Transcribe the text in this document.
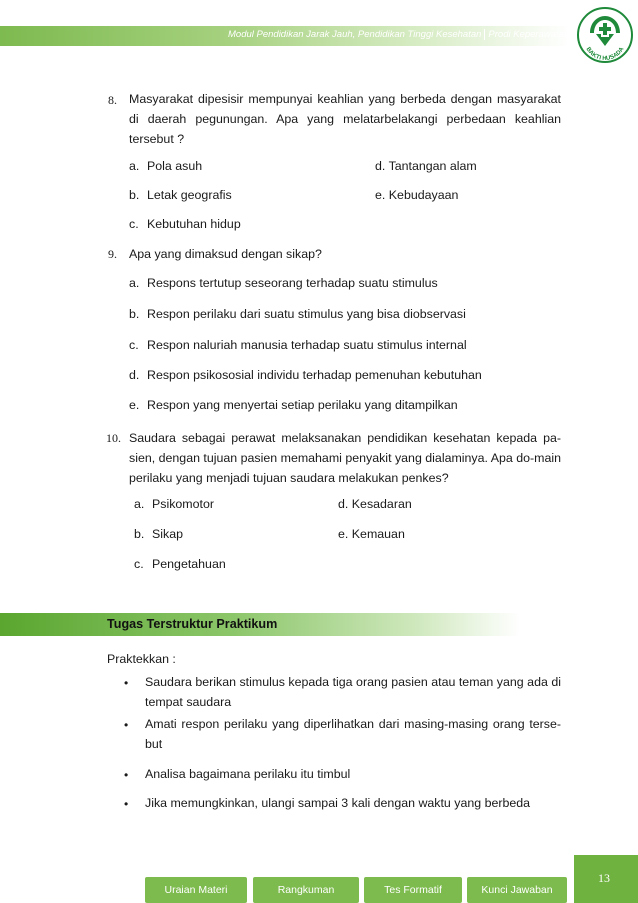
Modul Pendidikan Jarak Jauh, Pendidikan Tinggi Kesehatan Prodi Keperawatan
BAKTI HUSADA
8. Masyarakat dipesisir mempunyai keahlian yang berbeda dengan masyarakat di daerah pegunungan. Apa yang melatarbelakangi perbedaan keahlian tersebut ?
a. Pola asuh
b. Letak geografis
c. Kebutuhan hidup
d. Tantangan alam
e. Kebudayaan
9. Apa yang dimaksud dengan sikap?
a. Respons tertutup seseorang terhadap suatu stimulus
b. Respon perilaku dari suatu stimulus yang bisa diobservasi
c. Respon naluriah manusia terhadap suatu stimulus internal
d. Respon psikososial individu terhadap pemenuhan kebutuhan
e. Respon yang menyertai setiap perilaku yang ditampilkan
10. Saudara sebagai perawat melaksanakan pendidikan kesehatan kepada pa-sien, dengan tujuan pasien memahami penyakit yang dialaminya. Apa do-main perilaku yang menjadi tujuan saudara melakukan penkes?
a. Psikomotor
b. Sikap
c. Pengetahuan
d. Kesadaran
e. Kemauan
Tugas Terstruktur Praktikum
Praktekkan :
• Saudara berikan stimulus kepada tiga orang pasien atau teman yang ada di tempat saudara
• Amati respon perilaku yang diperlihatkan dari masing-masing orang terse-but
• Analisa bagaimana perilaku itu timbul
• Jika memungkinkan, ulangi sampai 3 kali dengan waktu yang berbeda
13
Uraian Materi	Rangkuman	Tes Formatif	Kunci Jawaban
